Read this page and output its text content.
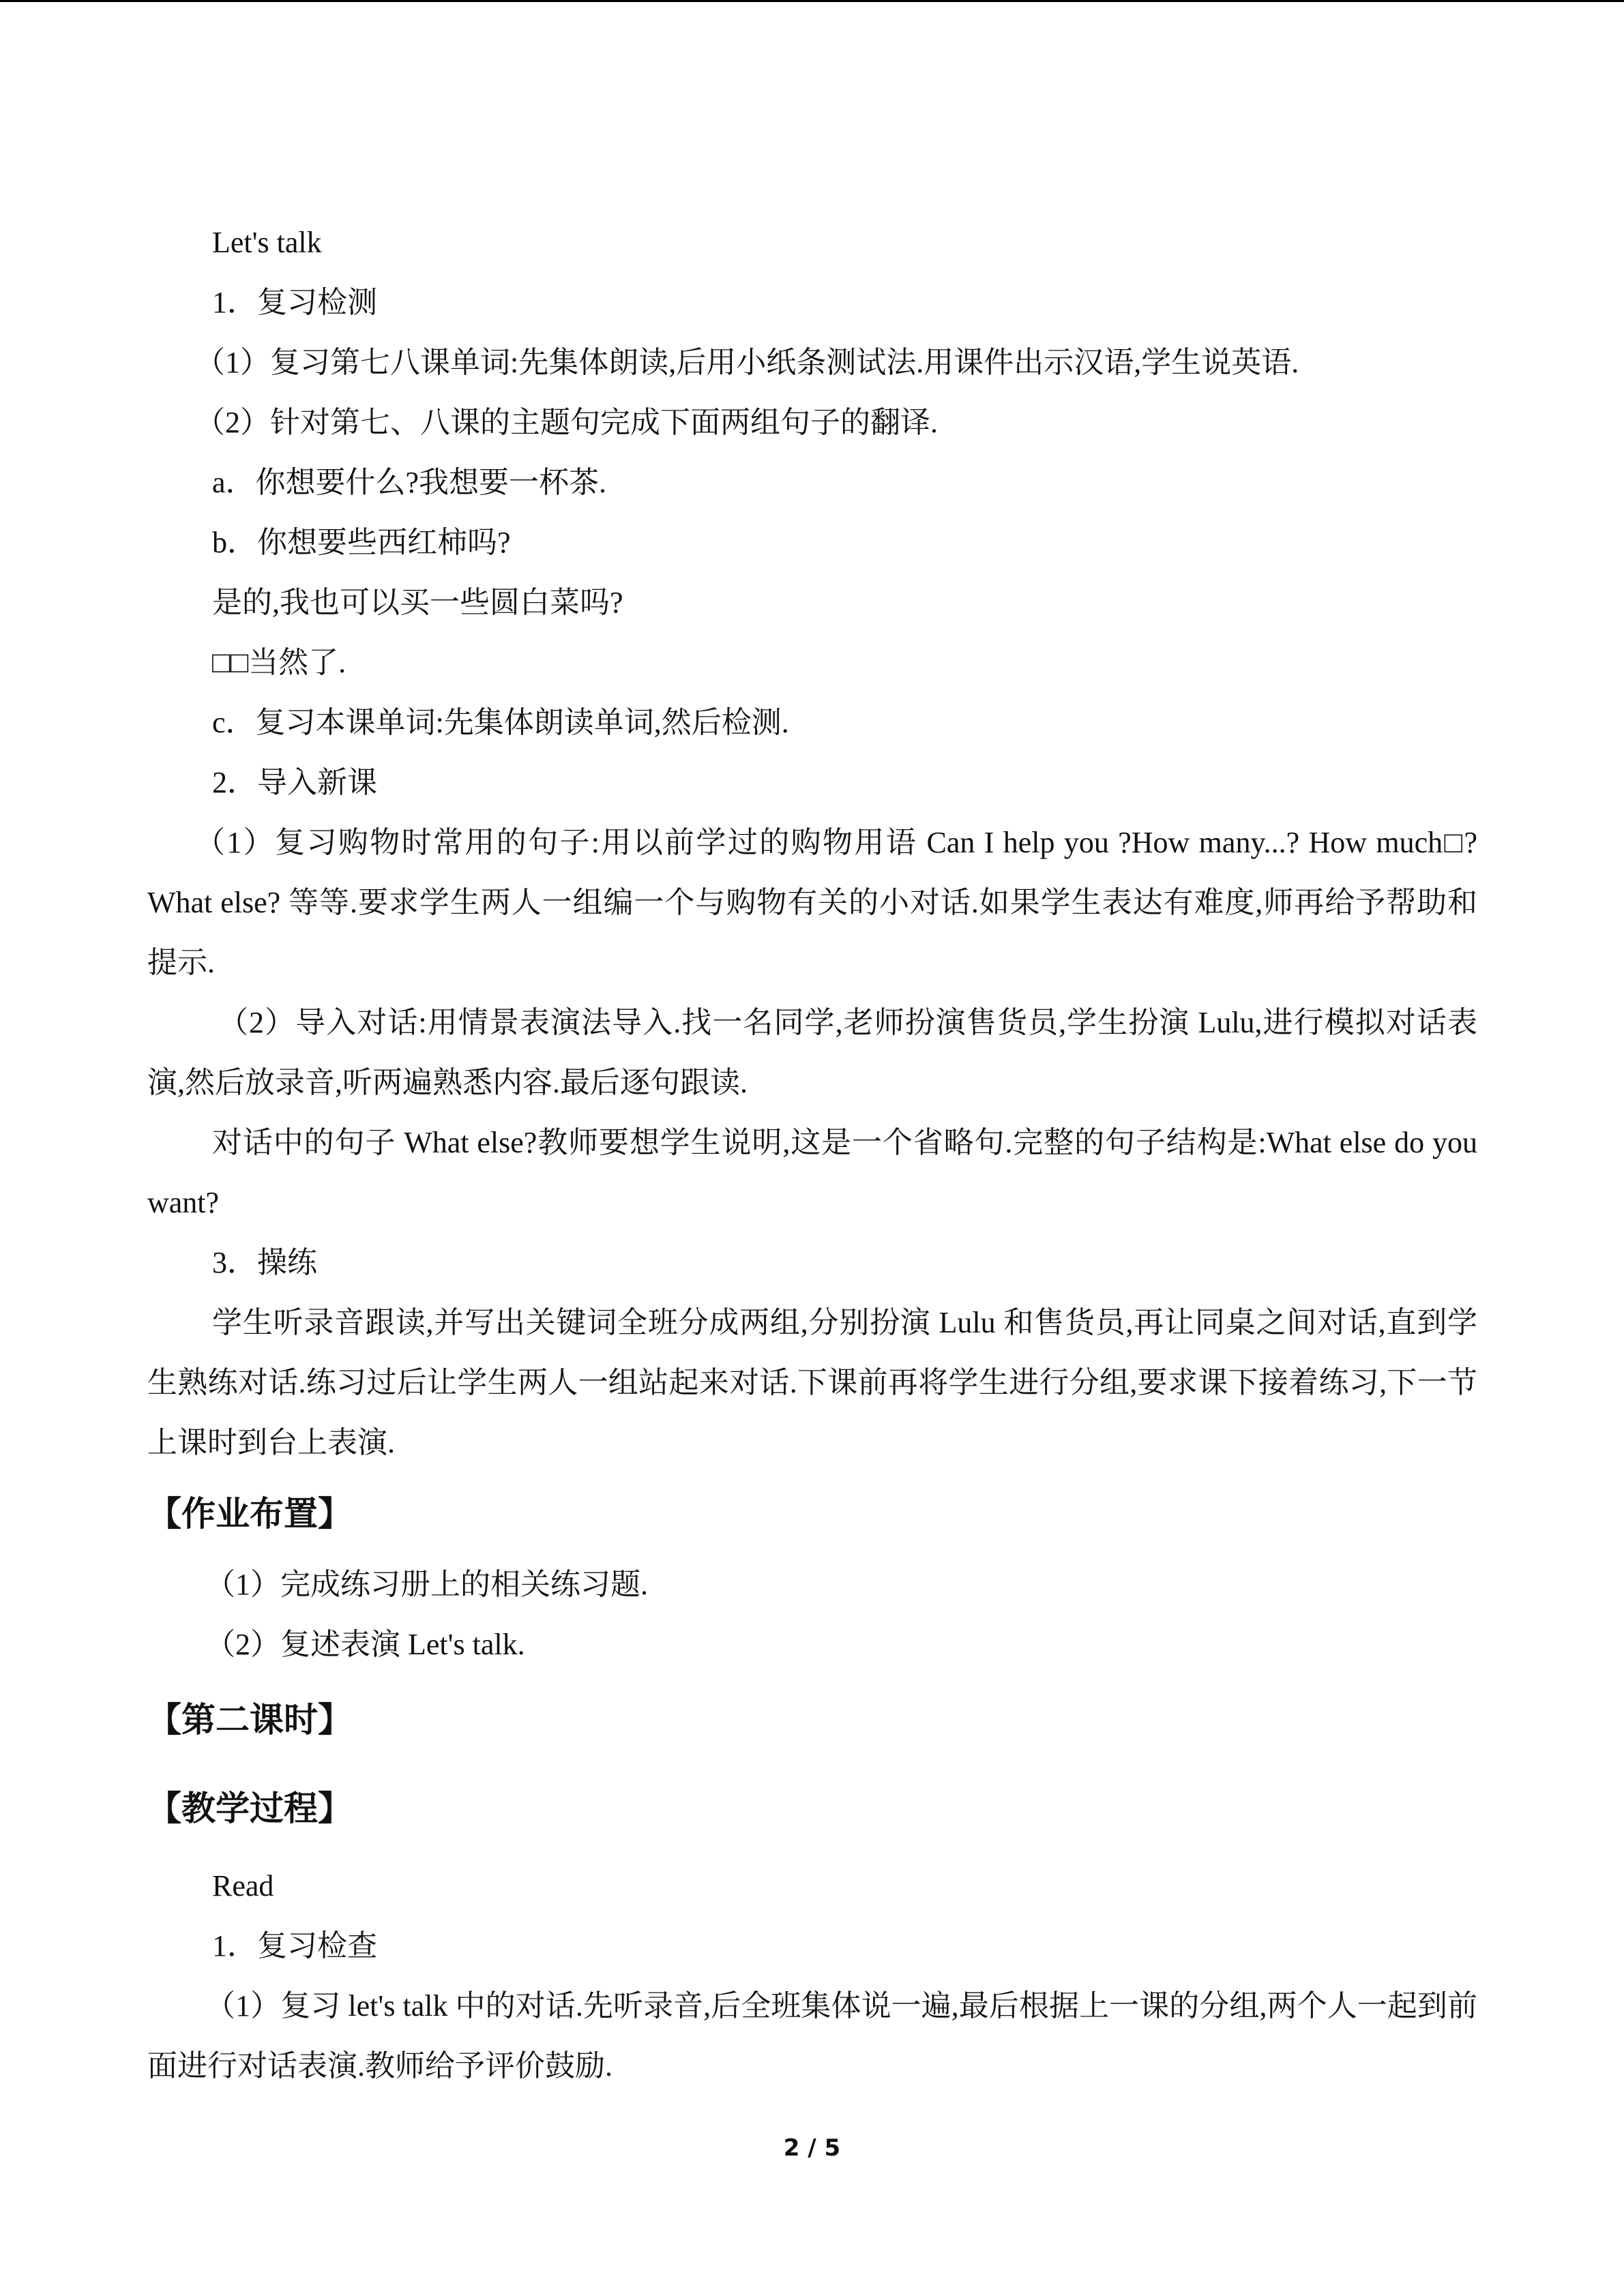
Let's talk

1．复习检测

（1）复习第七八课单词:先集体朗读,后用小纸条测试法.用课件出示汉语,学生说英语.

（2）针对第七、八课的主题句完成下面两组句子的翻译.

a．你想要什么?我想要一杯茶.

b．你想要些西红柿吗?

是的,我也可以买一些圆白菜吗?

□□当然了.

c．复习本课单词:先集体朗读单词,然后检测.

2．导入新课

（1）复习购物时常用的句子:用以前学过的购物用语 Can I help you ?How many...? How much□? What else? 等等.要求学生两人一组编一个与购物有关的小对话.如果学生表达有难度,师再给予帮助和提示.

（2）导入对话:用情景表演法导入.找一名同学,老师扮演售货员,学生扮演 Lulu,进行模拟对话表演,然后放录音,听两遍熟悉内容.最后逐句跟读.

对话中的句子 What else?教师要想学生说明,这是一个省略句.完整的句子结构是:What else do you want?

3．操练

学生听录音跟读,并写出关键词全班分成两组,分别扮演 Lulu 和售货员,再让同桌之间对话,直到学生熟练对话.练习过后让学生两人一组站起来对话.下课前再将学生进行分组,要求课下接着练习,下一节上课时到台上表演.

【作业布置】

（1）完成练习册上的相关练习题.

（2）复述表演 Let's talk.

【第二课时】

【教学过程】

Read

1．复习检查

（1）复习 let's talk 中的对话.先听录音,后全班集体说一遍,最后根据上一课的分组,两个人一起到前面进行对话表演.教师给予评价鼓励.

2 / 5
